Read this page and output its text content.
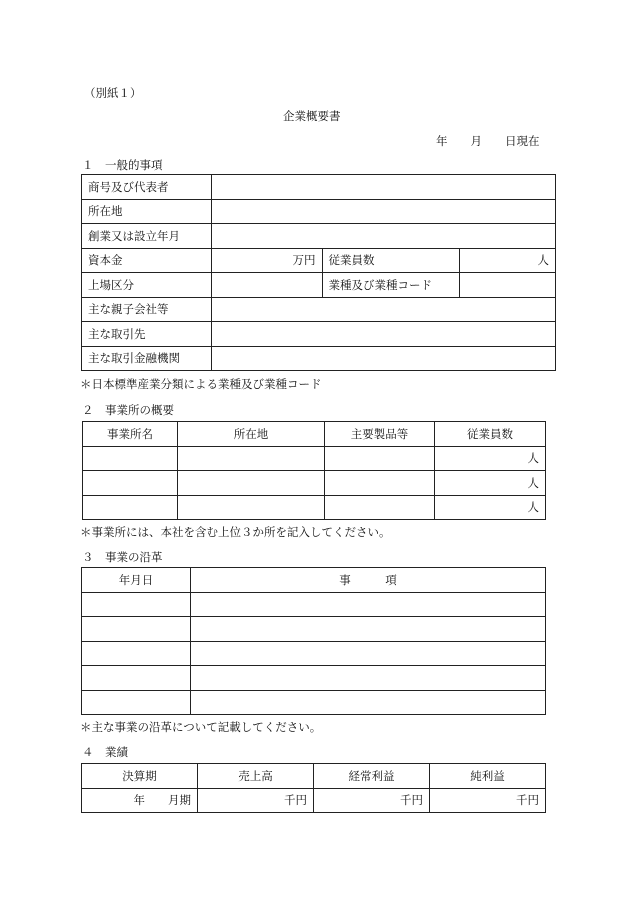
（別紙１）
企業概要書
年　　月　　日現在
１　一般的事項
商号及び代表者			
所在地			
創業又は設立年月			
資本金	万円	従業員数	人
上場区分		業種及び業種コード	
主な親子会社等			
主な取引先			
主な取引金融機関			
＊日本標準産業分類による業種及び業種コード
２　事業所の概要
事業所名	所在地	主要製品等	従業員数
			人
			人
			人
＊事業所には、本社を含む上位３か所を記入してください。
３　事業の沿革
年月日	事　　　項

＊主な事業の沿革について記載してください。
４　業績
決算期	売上高	経常利益	純利益
年　　月期	千円	千円	千円
